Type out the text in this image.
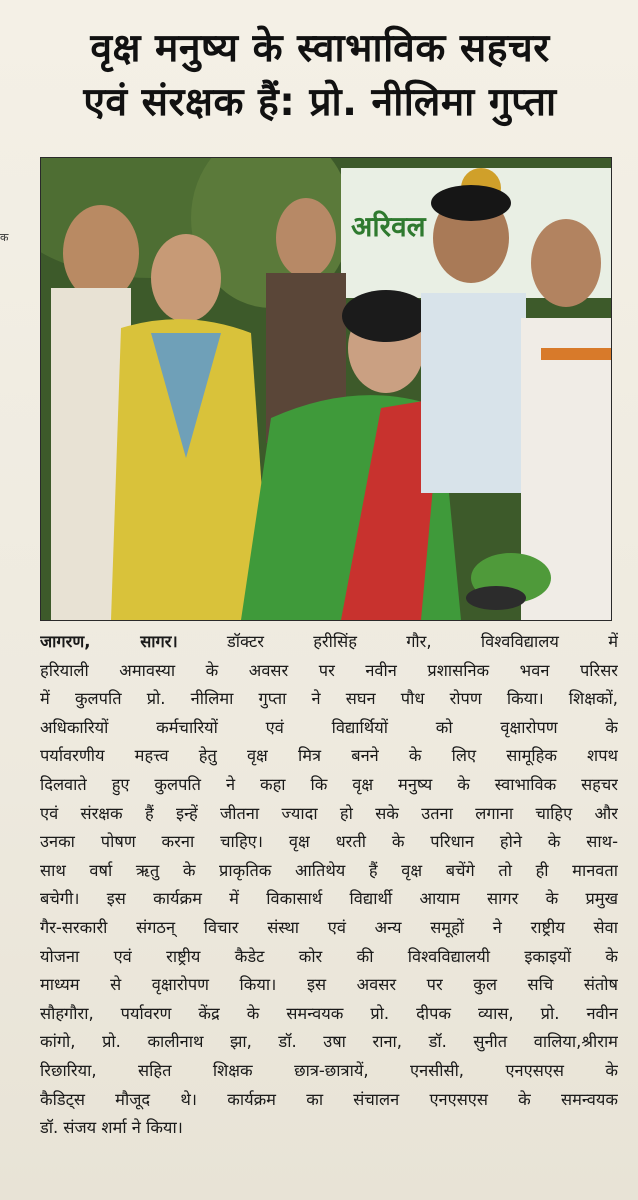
क
वृक्ष मनुष्य के स्वाभाविक सहचर
एवं संरक्षक हैं: प्रो. नीलिमा गुप्ता
अरिवल
जागरण, सागर।	डॉक्टर हरीसिंह गौर, विश्वविद्यालय में
हरियाली अमावस्या के अवसर पर नवीन प्रशासनिक भवन परिसर
में कुलपति प्रो. नीलिमा गुप्ता ने सघन पौध रोपण किया। शिक्षकों,
अधिकारियों कर्मचारियों एवं विद्यार्थियों को वृक्षारोपण के
पर्यावरणीय महत्त्व हेतु वृक्ष मित्र बनने के लिए सामूहिक शपथ
दिलवाते हुए कुलपति ने कहा कि वृक्ष मनुष्य के स्वाभाविक सहचर
एवं संरक्षक हैं इन्हें जीतना ज्यादा हो सके उतना लगाना चाहिए और
उनका पोषण करना चाहिए। वृक्ष धरती के परिधान होने के साथ-
साथ वर्षा ऋतु के प्राकृतिक आतिथेय हैं वृक्ष बचेंगे तो ही मानवता
बचेगी। इस कार्यक्रम में विकासार्थ विद्यार्थी आयाम सागर के प्रमुख
गैर-सरकारी संगठन् विचार संस्था एवं अन्य समूहों ने राष्ट्रीय सेवा
योजना एवं राष्ट्रीय कैडेट कोर की विश्वविद्यालयी इकाइयों के
माध्यम से वृक्षारोपण किया। इस अवसर पर कुल सचि संतोष
सौहगौरा, पर्यावरण केंद्र के समन्वयक प्रो. दीपक व्यास, प्रो. नवीन
कांगो, प्रो. कालीनाथ झा, डॉ. उषा राना, डॉ. सुनीत वालिया,श्रीराम
रिछारिया, सहित शिक्षक छात्र-छात्रायें, एनसीसी, एनएसएस के
कैडिट्स मौजूद थे। कार्यक्रम का संचालन एनएसएस के समन्वयक
डॉ. संजय शर्मा ने किया।
